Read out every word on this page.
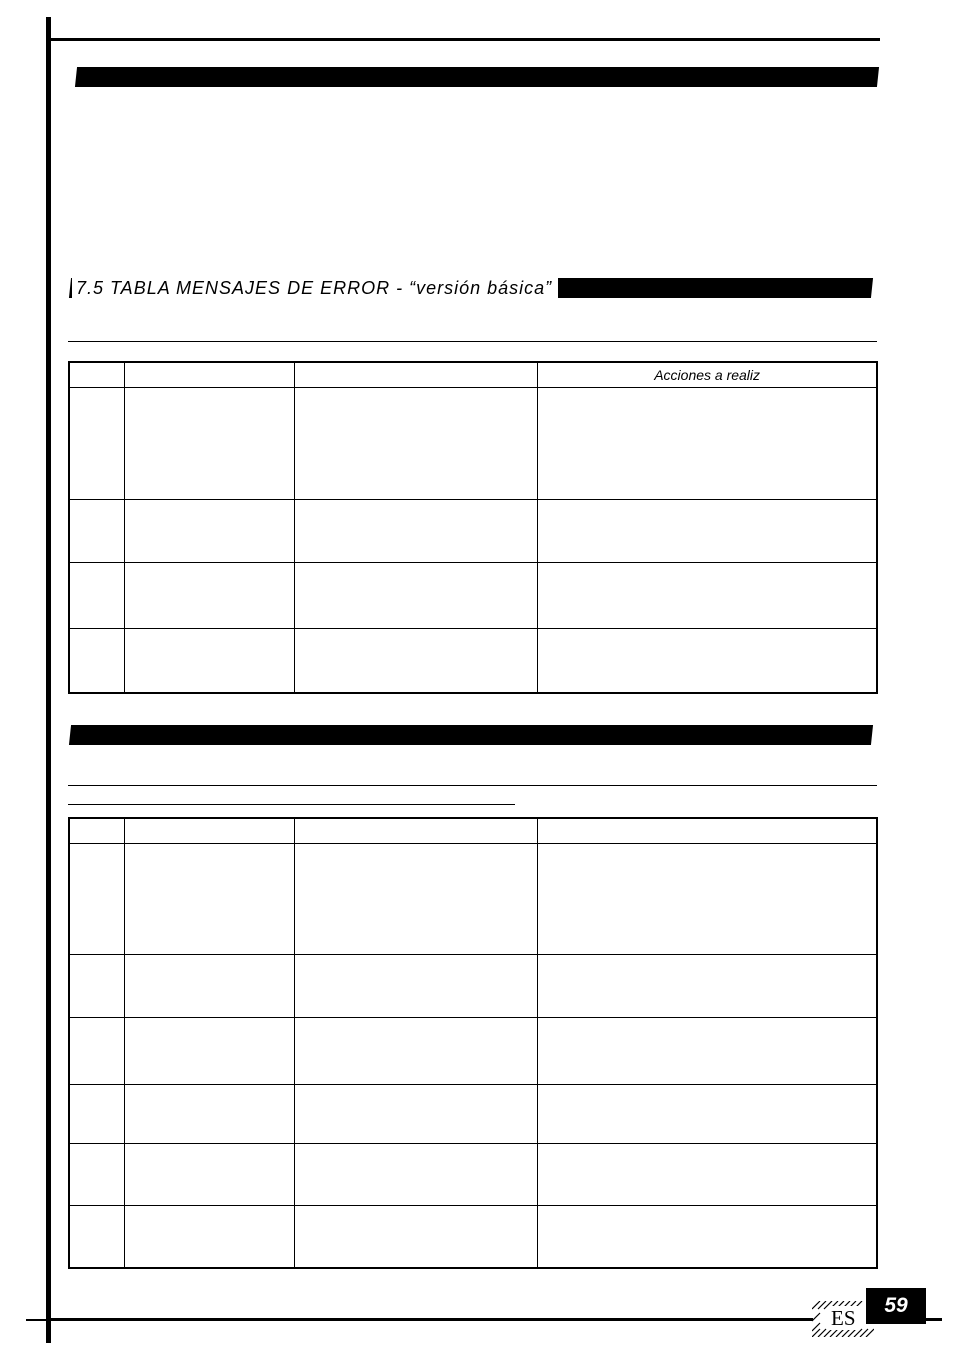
7.5 TABLA MENSAJES DE ERROR - “versión básica”
			Acciones a realiz

ES
59
